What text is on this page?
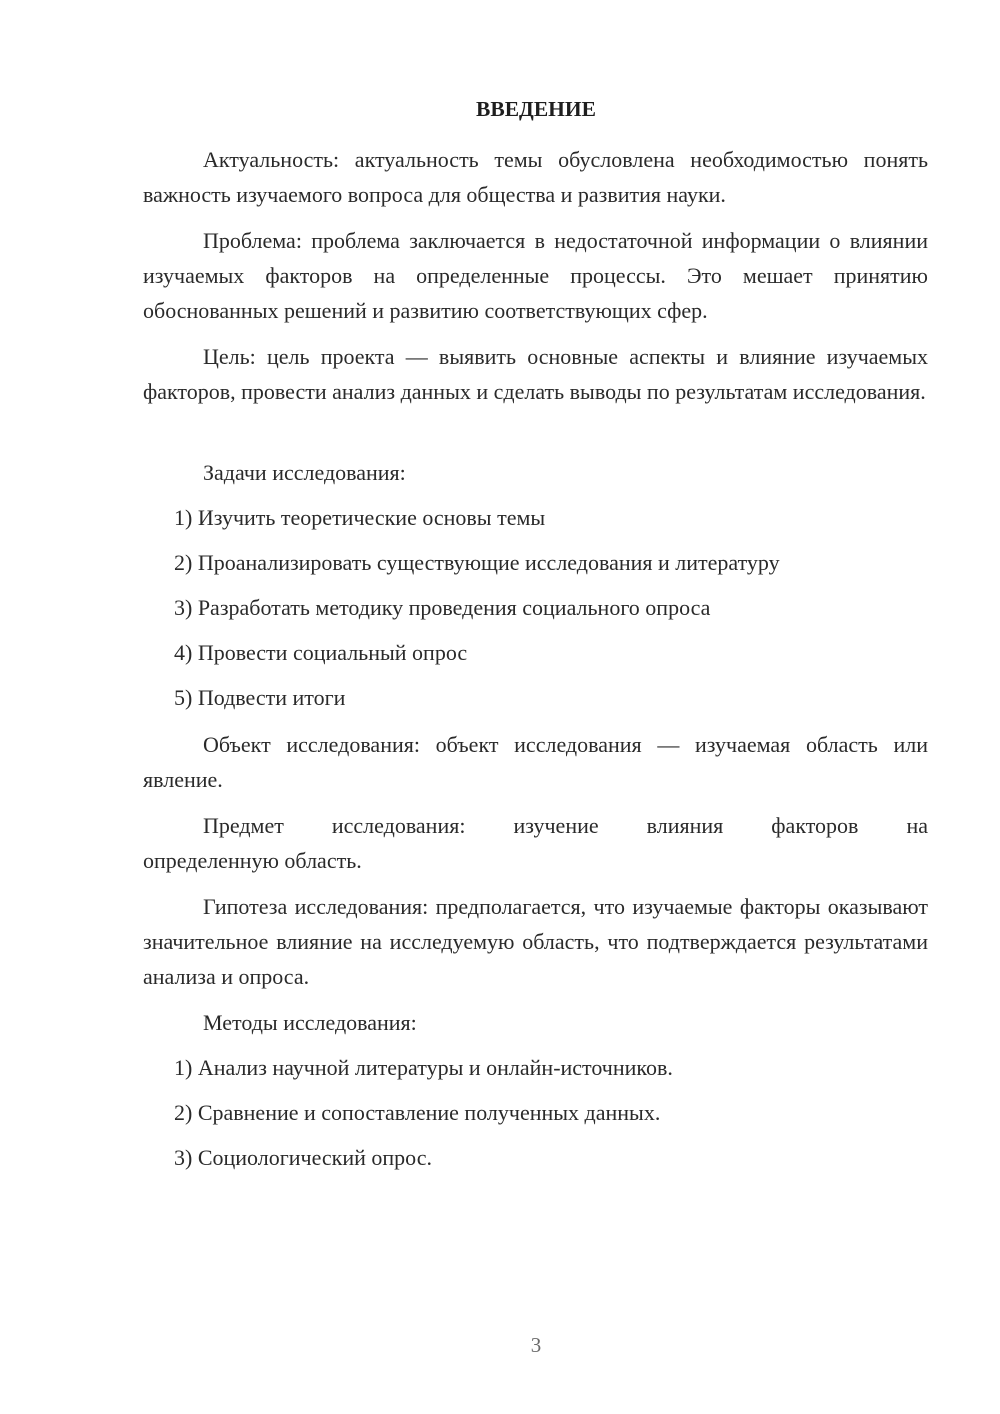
ВВЕДЕНИЕ

Актуальность: актуальность темы обусловлена необходимостью понять важность изучаемого вопроса для общества и развития науки.

Проблема: проблема заключается в недостаточной информации о влиянии изучаемых факторов на определенные процессы. Это мешает принятию обоснованных решений и развитию соответствующих сфер.

Цель: цель проекта — выявить основные аспекты и влияние изучаемых факторов, провести анализ данных и сделать выводы по результатам исследования.

Задачи исследования:

1) Изучить теоретические основы темы

2) Проанализировать существующие исследования и литературу

3) Разработать методику проведения социального опроса

4) Провести социальный опрос

5) Подвести итоги

Объект исследования: объект исследования — изучаемая область или явление.

Предмет исследования: изучение влияния факторов на

определенную область.

Гипотеза исследования: предполагается, что изучаемые факторы оказывают значительное влияние на исследуемую область, что подтверждается результатами анализа и опроса.

Методы исследования:

1) Анализ научной литературы и онлайн-источников.

2) Сравнение и сопоставление полученных данных.

3) Социологический опрос.

3
